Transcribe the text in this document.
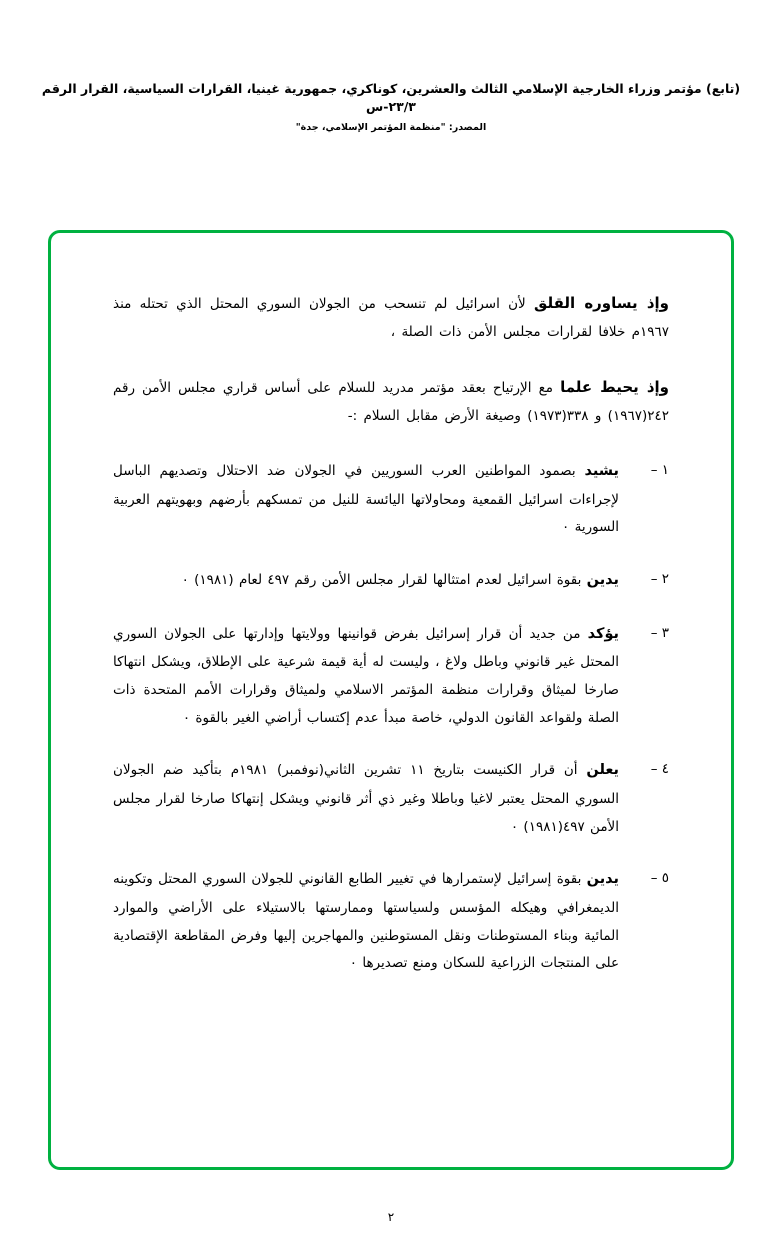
(تابع) مؤتمر وزراء الخارجية الإسلامي الثالث والعشرين، كوناكري، جمهورية غينيا، القرارات السياسية، القرار الرقم ٢٣/٣-س
المصدر: "منظمة المؤتمر الإسلامي، جدة"
وإذ يساوره القلق لأن اسرائيل لم تنسحب من الجولان السوري المحتل الذي تحتله منذ ١٩٦٧م خلافا لقرارات مجلس الأمن ذات الصلة ،
وإذ يحيط علما مع الإرتياح بعقد مؤتمر مدريد للسلام على أساس قراري مجلس الأمن رقم ٢٤٢(١٩٦٧) و ٣٣٨(١٩٧٣) وصيغة الأرض مقابل السلام :-
١ –
يشيد بصمود المواطنين العرب السوريين في الجولان ضد الاحتلال وتصديهم الباسل لإجراءات اسرائيل القمعية ومحاولاتها اليائسة للنيل من تمسكهم بأرضهم وبهويتهم العربية السورية ٠
٢ –
يدين بقوة اسرائيل لعدم امتثالها لقرار مجلس الأمن رقم ٤٩٧ لعام (١٩٨١) ٠
٣ –
يؤكد من جديد أن قرار إسرائيل بفرض قوانينها وولايتها وإدارتها على الجولان السوري المحتل غير قانوني وباطل ولاغ ، وليست له أية قيمة شرعية على الإطلاق، ويشكل انتهاكا صارخا لميثاق وقرارات منظمة المؤتمر الاسلامي ولميثاق وقرارات الأمم المتحدة ذات الصلة ولقواعد القانون الدولي، خاصة مبدأ عدم إكتساب أراضي الغير بالقوة ٠
٤ –
يعلن أن قرار الكنيست بتاريخ ١١ تشرين الثاني(نوفمبر) ١٩٨١م بتأكيد ضم الجولان السوري المحتل يعتبر لاغيا وباطلا وغير ذي أثر قانوني ويشكل إنتهاكا صارخا لقرار مجلس الأمن ٤٩٧(١٩٨١) ٠
٥ –
يدين بقوة إسرائيل لإستمرارها في تغيير الطابع القانوني للجولان السوري المحتل وتكوينه الديمغرافي وهيكله المؤسس ولسياستها وممارستها بالاستيلاء على الأراضي والموارد المائية وبناء المستوطنات ونقل المستوطنين والمهاجرين إليها وفرض المقاطعة الإقتصادية على المنتجات الزراعية للسكان ومنع تصديرها ٠
٢
